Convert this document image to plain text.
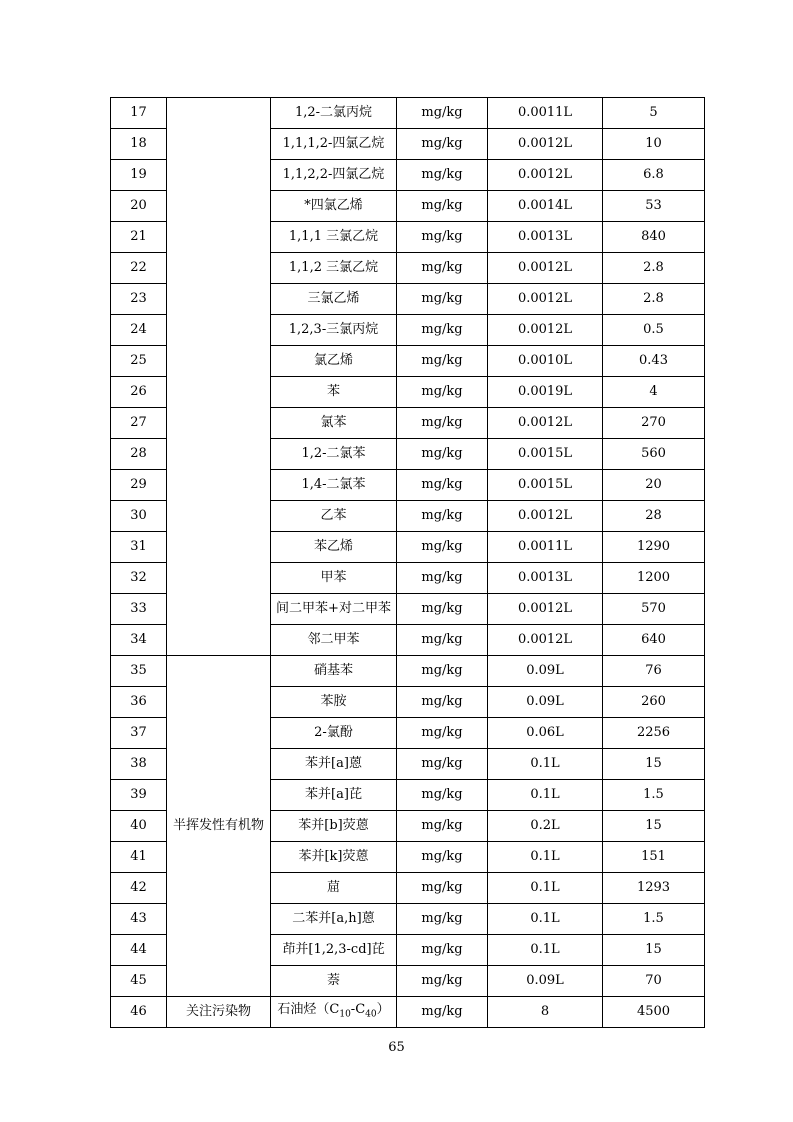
17		1,2-二氯丙烷	mg/kg	0.0011L	5
18		1,1,1,2-四氯乙烷	mg/kg	0.0012L	10
19		1,1,2,2-四氯乙烷	mg/kg	0.0012L	6.8
20		*四氯乙烯	mg/kg	0.0014L	53
21		1,1,1 三氯乙烷	mg/kg	0.0013L	840
22		1,1,2 三氯乙烷	mg/kg	0.0012L	2.8
23		三氯乙烯	mg/kg	0.0012L	2.8
24		1,2,3-三氯丙烷	mg/kg	0.0012L	0.5
25		氯乙烯	mg/kg	0.0010L	0.43
26		苯	mg/kg	0.0019L	4
27		氯苯	mg/kg	0.0012L	270
28		1,2-二氯苯	mg/kg	0.0015L	560
29		1,4-二氯苯	mg/kg	0.0015L	20
30		乙苯	mg/kg	0.0012L	28
31		苯乙烯	mg/kg	0.0011L	1290
32		甲苯	mg/kg	0.0013L	1200
33		间二甲苯+对二甲苯	mg/kg	0.0012L	570
34		邻二甲苯	mg/kg	0.0012L	640
35	半挥发性有机物	硝基苯	mg/kg	0.09L	76
36		苯胺	mg/kg	0.09L	260
37		2-氯酚	mg/kg	0.06L	2256
38		苯并[a]蒽	mg/kg	0.1L	15
39		苯并[a]芘	mg/kg	0.1L	1.5
40		苯并[b]荧蒽	mg/kg	0.2L	15
41		苯并[k]荧蒽	mg/kg	0.1L	151
42		䓛	mg/kg	0.1L	1293
43		二苯并[a,h]蒽	mg/kg	0.1L	1.5
44		茚并[1,2,3-cd]芘	mg/kg	0.1L	15
45		萘	mg/kg	0.09L	70
46	关注污染物	石油烃$(C_{10}-C_{40})$	mg/kg	8	4500
65
